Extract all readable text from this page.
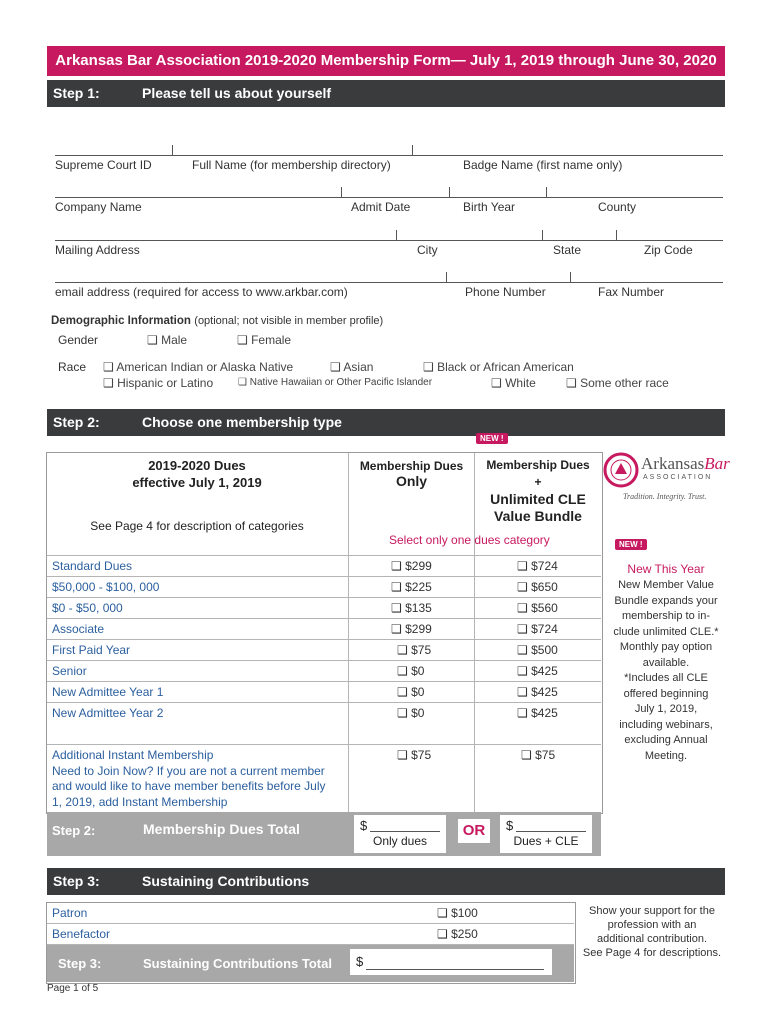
Arkansas Bar Association 2019-2020 Membership Form— July 1, 2019 through June 30, 2020
Step 1:	Please tell us about yourself
Supreme Court ID	Full Name (for membership directory)	Badge Name (first name only)
Company Name	Admit Date	Birth Year	County
Mailing Address	City	State	Zip Code
email address (required for access to www.arkbar.com)	Phone Number	Fax Number
Demographic Information (optional; not visible in member profile)
Gender	❑ Male	❑ Female
Race ❑ American Indian or Alaska Native	❑ Asian	❑ Black or African American
❑ Hispanic or Latino ❑ Native Hawaiian or Other Pacific Islander	❑ White	❑ Some other race
Step 2:	Choose one membership type
NEW !
2019-2020 Dues
effective July 1, 2019
See Page 4 for description of categories
Membership Dues
Only
Membership Dues
+
Unlimited CLE
Value Bundle
Select only one dues category
Standard Dues	❑ $299	❑ $724
$50,000 - $100, 000	❑ $225	❑ $650
$0 - $50, 000	❑ $135	❑ $560
Associate	❑ $299	❑ $724
First Paid Year	❑ $75	❑ $500
Senior	❑ $0	❑ $425
New Admittee Year 1	❑ $0	❑ $425
New Admittee Year 2	❑ $0	❑ $425
Additional Instant Membership
Need to Join Now? If you are not a current member
and would like to have member benefits before July
1, 2019, add Instant Membership
❑ $75	❑ $75
Step 2:	Membership Dues Total	$
Only dues
OR	$
Dues + CLE
ArkansasBar
ASSOCIATION
Tradition. Integrity. Trust.
NEW !
New This Year
New Member Value
Bundle expands your
membership to in-
clude unlimited CLE.*
Monthly pay option
available.
*Includes all CLE
offered beginning
July 1, 2019,
including webinars,
excluding Annual
Meeting.
Step 3:	Sustaining Contributions
Patron	❑ $100
Benefactor	❑ $250
Step 3:	Sustaining Contributions Total $
Show your support for the
profession with an
additional contribution.
See Page 4 for descriptions.
Page 1 of 5
